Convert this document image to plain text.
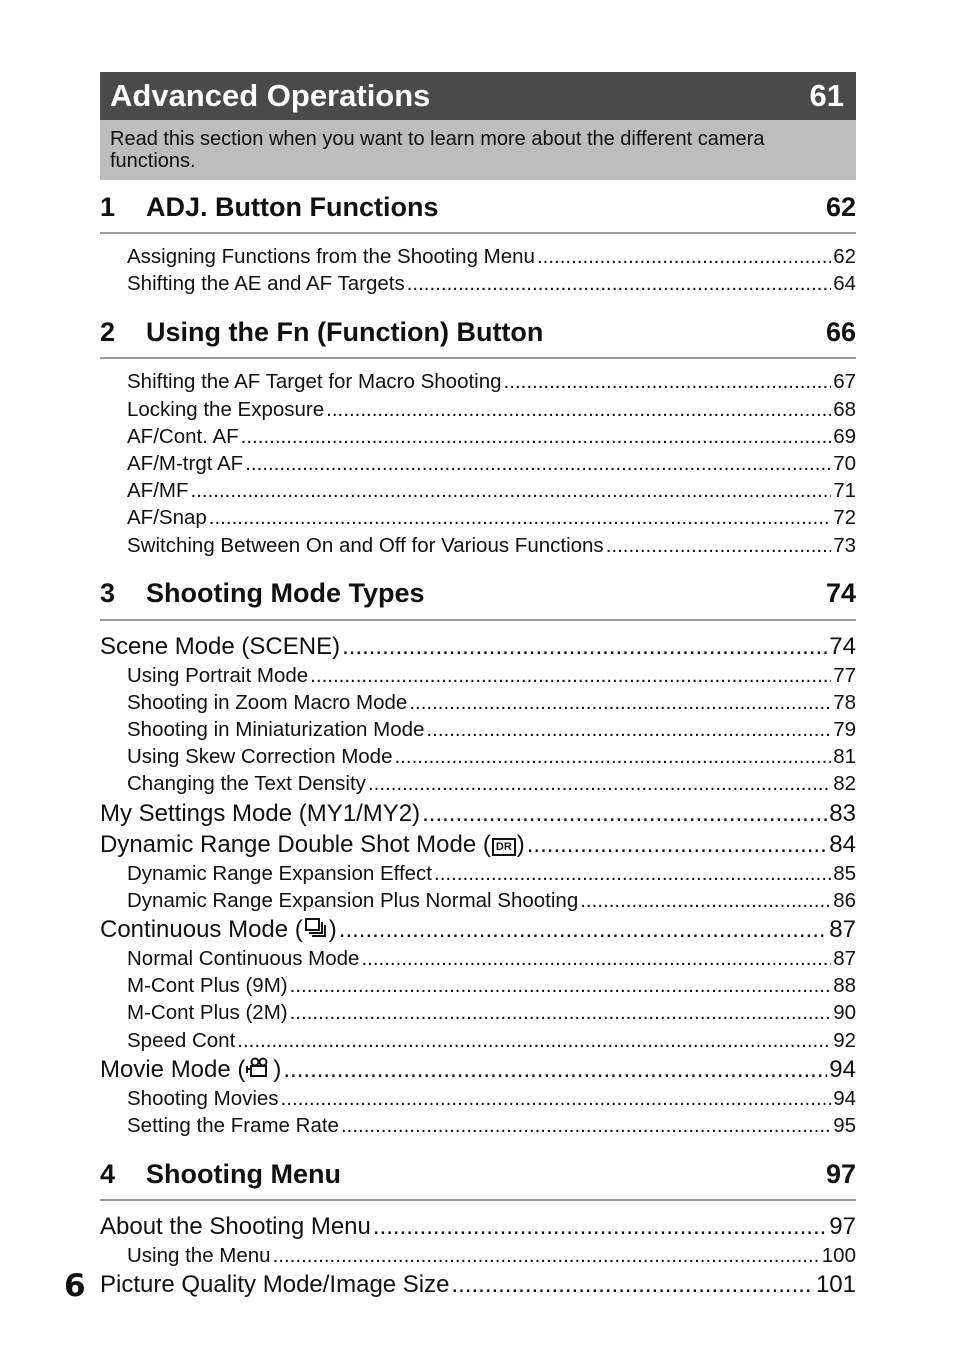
Advanced Operations	61
Read this section when you want to learn more about the different camera functions.
1	ADJ. Button Functions	62
Assigning Functions from the Shooting Menu .....	62
Shifting the AE and AF Targets .....	64
2	Using the Fn (Function) Button	66
Shifting the AF Target for Macro Shooting .....	67
Locking the Exposure .....	68
AF/Cont. AF .....	69
AF/M-trgt AF .....	70
AF/MF .....	71
AF/Snap .....	72
Switching Between On and Off for Various Functions .....	73
3	Shooting Mode Types	74
Scene Mode (SCENE) .....	74
Using Portrait Mode .....	77
Shooting in Zoom Macro Mode .....	78
Shooting in Miniaturization Mode .....	79
Using Skew Correction Mode .....	81
Changing the Text Density .....	82
My Settings Mode (MY1/MY2) .....	83
Dynamic Range Double Shot Mode ( DR ) .....	84
Dynamic Range Expansion Effect .....	85
Dynamic Range Expansion Plus Normal Shooting .....	86
Continuous Mode ( ) .....	87
Normal Continuous Mode .....	87
M-Cont Plus (9M) .....	88
M-Cont Plus (2M) .....	90
Speed Cont .....	92
Movie Mode ( ) .....	94
Shooting Movies .....	94
Setting the Frame Rate .....	95
4	Shooting Menu	97
About the Shooting Menu .....	97
Using the Menu .....	100
Picture Quality Mode/Image Size .....	101
6
